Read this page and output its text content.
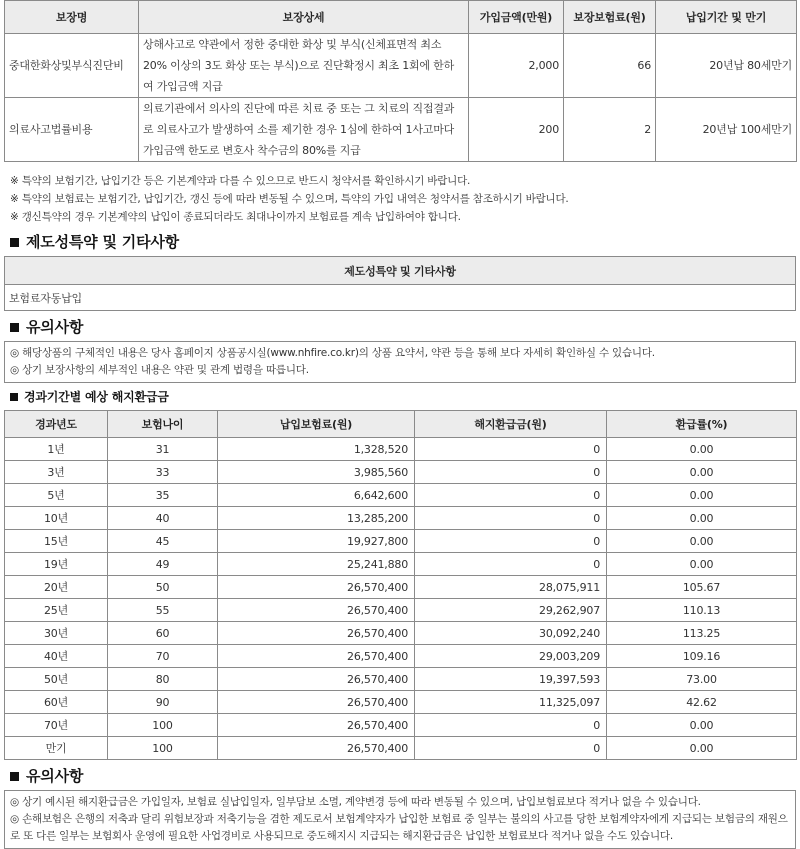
보장명	보장상세	가입금액(만원)	보장보험료(원)	납입기간 및 만기
중대한화상및부식진단비	상해사고로 약관에서 정한 중대한 화상 및 부식(신체표면적 최소20% 이상의 3도 화상 또는 부식)으로 진단확정시 최초 1회에 한하여 가입금액 지급	2,000	66	20년납 80세만기
의료사고법률비용	의료기관에서 의사의 진단에 따른 치료 중 또는 그 치료의 직접결과로 의료사고가 발생하여 소를 제기한 경우 1심에 한하여 1사고마다 가입금액 한도로 변호사 착수금의 80%를 지급	200	2	20년납 100세만기
※ 특약의 보험기간, 납입기간 등은 기본계약과 다를 수 있으므로 반드시 청약서를 확인하시기 바랍니다.
※ 특약의 보험료는 보험기간, 납입기간, 갱신 등에 따라 변동될 수 있으며, 특약의 가입 내역은 청약서를 참조하시기 바랍니다.
※ 갱신특약의 경우 기본계약의 납입이 종료되더라도 최대나이까지 보험료를 계속 납입하여야 합니다.
제도성특약 및 기타사항
제도성특약 및 기타사항
보험료자동납입
유의사항
◎ 해당상품의 구체적인 내용은 당사 홈페이지 상품공시실(www.nhfire.co.kr)의 상품 요약서, 약관 등을 통해 보다 자세히 확인하실 수 있습니다.
◎ 상기 보장사항의 세부적인 내용은 약관 및 관계 법령을 따릅니다.
경과기간별 예상 해지환급금
경과년도	보험나이	납입보험료(원)	해지환급금(원)	환급률(%)
1년	31	1,328,520	0	0.00
3년	33	3,985,560	0	0.00
5년	35	6,642,600	0	0.00
10년	40	13,285,200	0	0.00
15년	45	19,927,800	0	0.00
19년	49	25,241,880	0	0.00
20년	50	26,570,400	28,075,911	105.67
25년	55	26,570,400	29,262,907	110.13
30년	60	26,570,400	30,092,240	113.25
40년	70	26,570,400	29,003,209	109.16
50년	80	26,570,400	19,397,593	73.00
60년	90	26,570,400	11,325,097	42.62
70년	100	26,570,400	0	0.00
만기	100	26,570,400	0	0.00
유의사항
◎ 상기 예시된 해지환급금은 가입일자, 보험료 실납입일자, 일부담보 소멸, 계약변경 등에 따라 변동될 수 있으며, 납입보험료보다 적거나 없을 수 있습니다.
◎ 손해보험은 은행의 저축과 달리 위험보장과 저축기능을 겸한 제도로서 보험계약자가 납입한 보험료 중 일부는 불의의 사고를 당한 보험계약자에게 지급되는 보험금의 재원으로 또 다른 일부는 보험회사 운영에 필요한 사업경비로 사용되므로 중도해지시 지급되는 해지환급금은 납입한 보험료보다 적거나 없을 수도 있습니다.
